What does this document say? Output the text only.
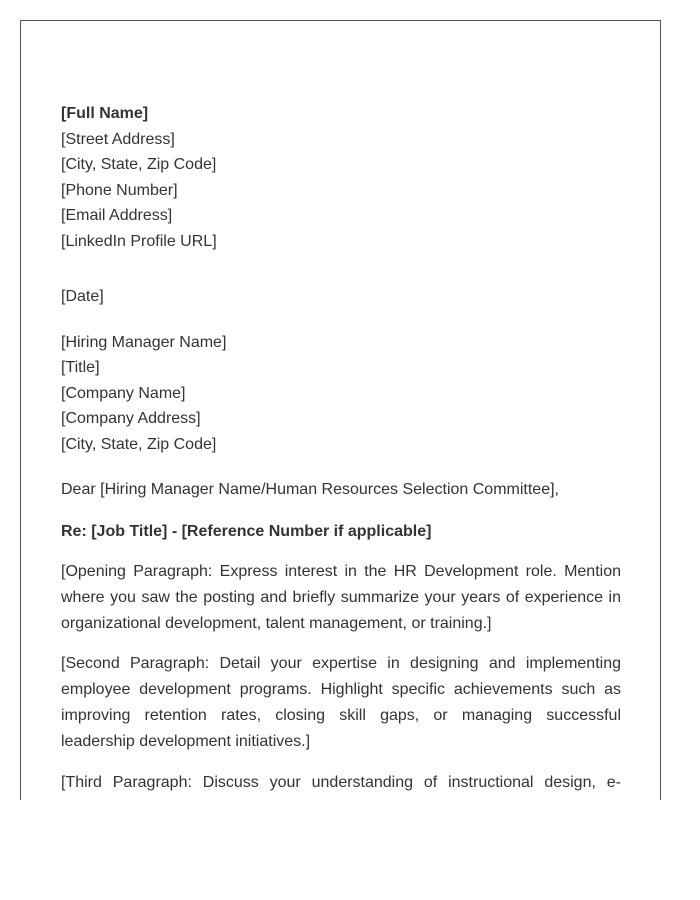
[Full Name]
[Street Address]
[City, State, Zip Code]
[Phone Number]
[Email Address]
[LinkedIn Profile URL]
[Date]
[Hiring Manager Name]
[Title]
[Company Name]
[Company Address]
[City, State, Zip Code]
Dear [Hiring Manager Name/Human Resources Selection Committee],
Re: [Job Title] - [Reference Number if applicable]
[Opening Paragraph: Express interest in the HR Development role. Mention where you saw the posting and briefly summarize your years of experience in organizational development, talent management, or training.]
[Second Paragraph: Detail your expertise in designing and implementing employee development programs. Highlight specific achievements such as improving retention rates, closing skill gaps, or managing successful leadership development initiatives.]
[Third Paragraph: Discuss your understanding of instructional design, e-
